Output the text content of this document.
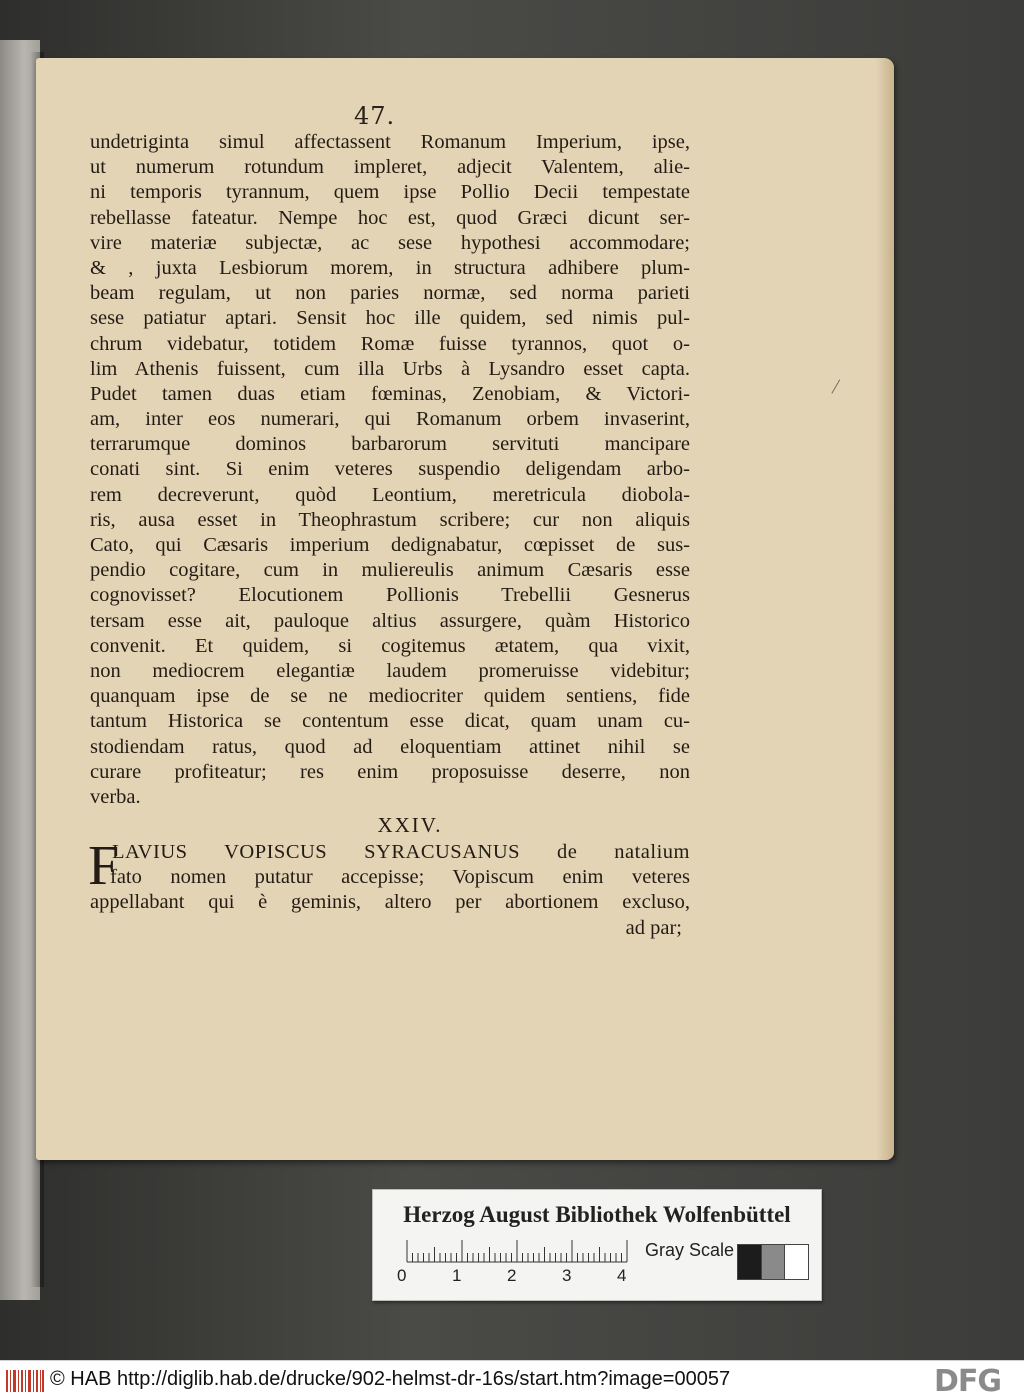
47.
undetriginta simul affectassent Romanum Imperium, ipse,
ut numerum rotundum impleret, adjecit Valentem, alie-
ni temporis tyrannum, quem ipse Pollio Decii tempestate
rebellasse fateatur. Nempe hoc est, quod Græci dicunt ser-
vire materiæ subjectæ, ac sese hypothesi accommodare;
& , juxta Lesbiorum morem, in structura adhibere plum-
beam regulam, ut non paries normæ, sed norma parieti
sese patiatur aptari. Sensit hoc ille quidem, sed nimis pul-
chrum videbatur, totidem Romæ fuisse tyrannos, quot o-
lim Athenis fuissent, cum illa Urbs à Lysandro esset capta.
Pudet tamen duas etiam fœminas, Zenobiam, & Victori-
am, inter eos numerari, qui Romanum orbem invaserint,
terrarumque dominos barbarorum servituti mancipare
conati sint. Si enim veteres suspendio deligendam arbo-
rem decreverunt, quòd Leontium, meretricula diobola-
ris, ausa esset in Theophrastum scribere; cur non aliquis
Cato, qui Cæsaris imperium dedignabatur, cœpisset de sus-
pendio cogitare, cum in muliereulis animum Cæsaris esse
cognovisset? Elocutionem Pollionis Trebellii Gesnerus
tersam esse ait, pauloque altius assurgere, quàm Historico
convenit. Et quidem, si cogitemus ætatem, qua vixit,
non mediocrem elegantiæ laudem promeruisse videbitur;
quanquam ipse de se ne mediocriter quidem sentiens, fide
tantum Historica se contentum esse dicat, quam unam cu-
stodiendam ratus, quod ad eloquentiam attinet nihil se
curare profiteatur; res enim proposuisse deserre, non
verba.
XXIV.
F
LAVIUS VOPISCUS SYRACUSANUS de natalium
fato nomen putatur accepisse; Vopiscum enim veteres
appellabant qui è geminis, altero per abortionem excluso,
ad par;
Herzog August Bibliothek Wolfenbüttel
0	1	2	3	4
Gray Scale
© HAB http://diglib.hab.de/drucke/902-helmst-dr-16s/start.htm?image=00057	DFG
